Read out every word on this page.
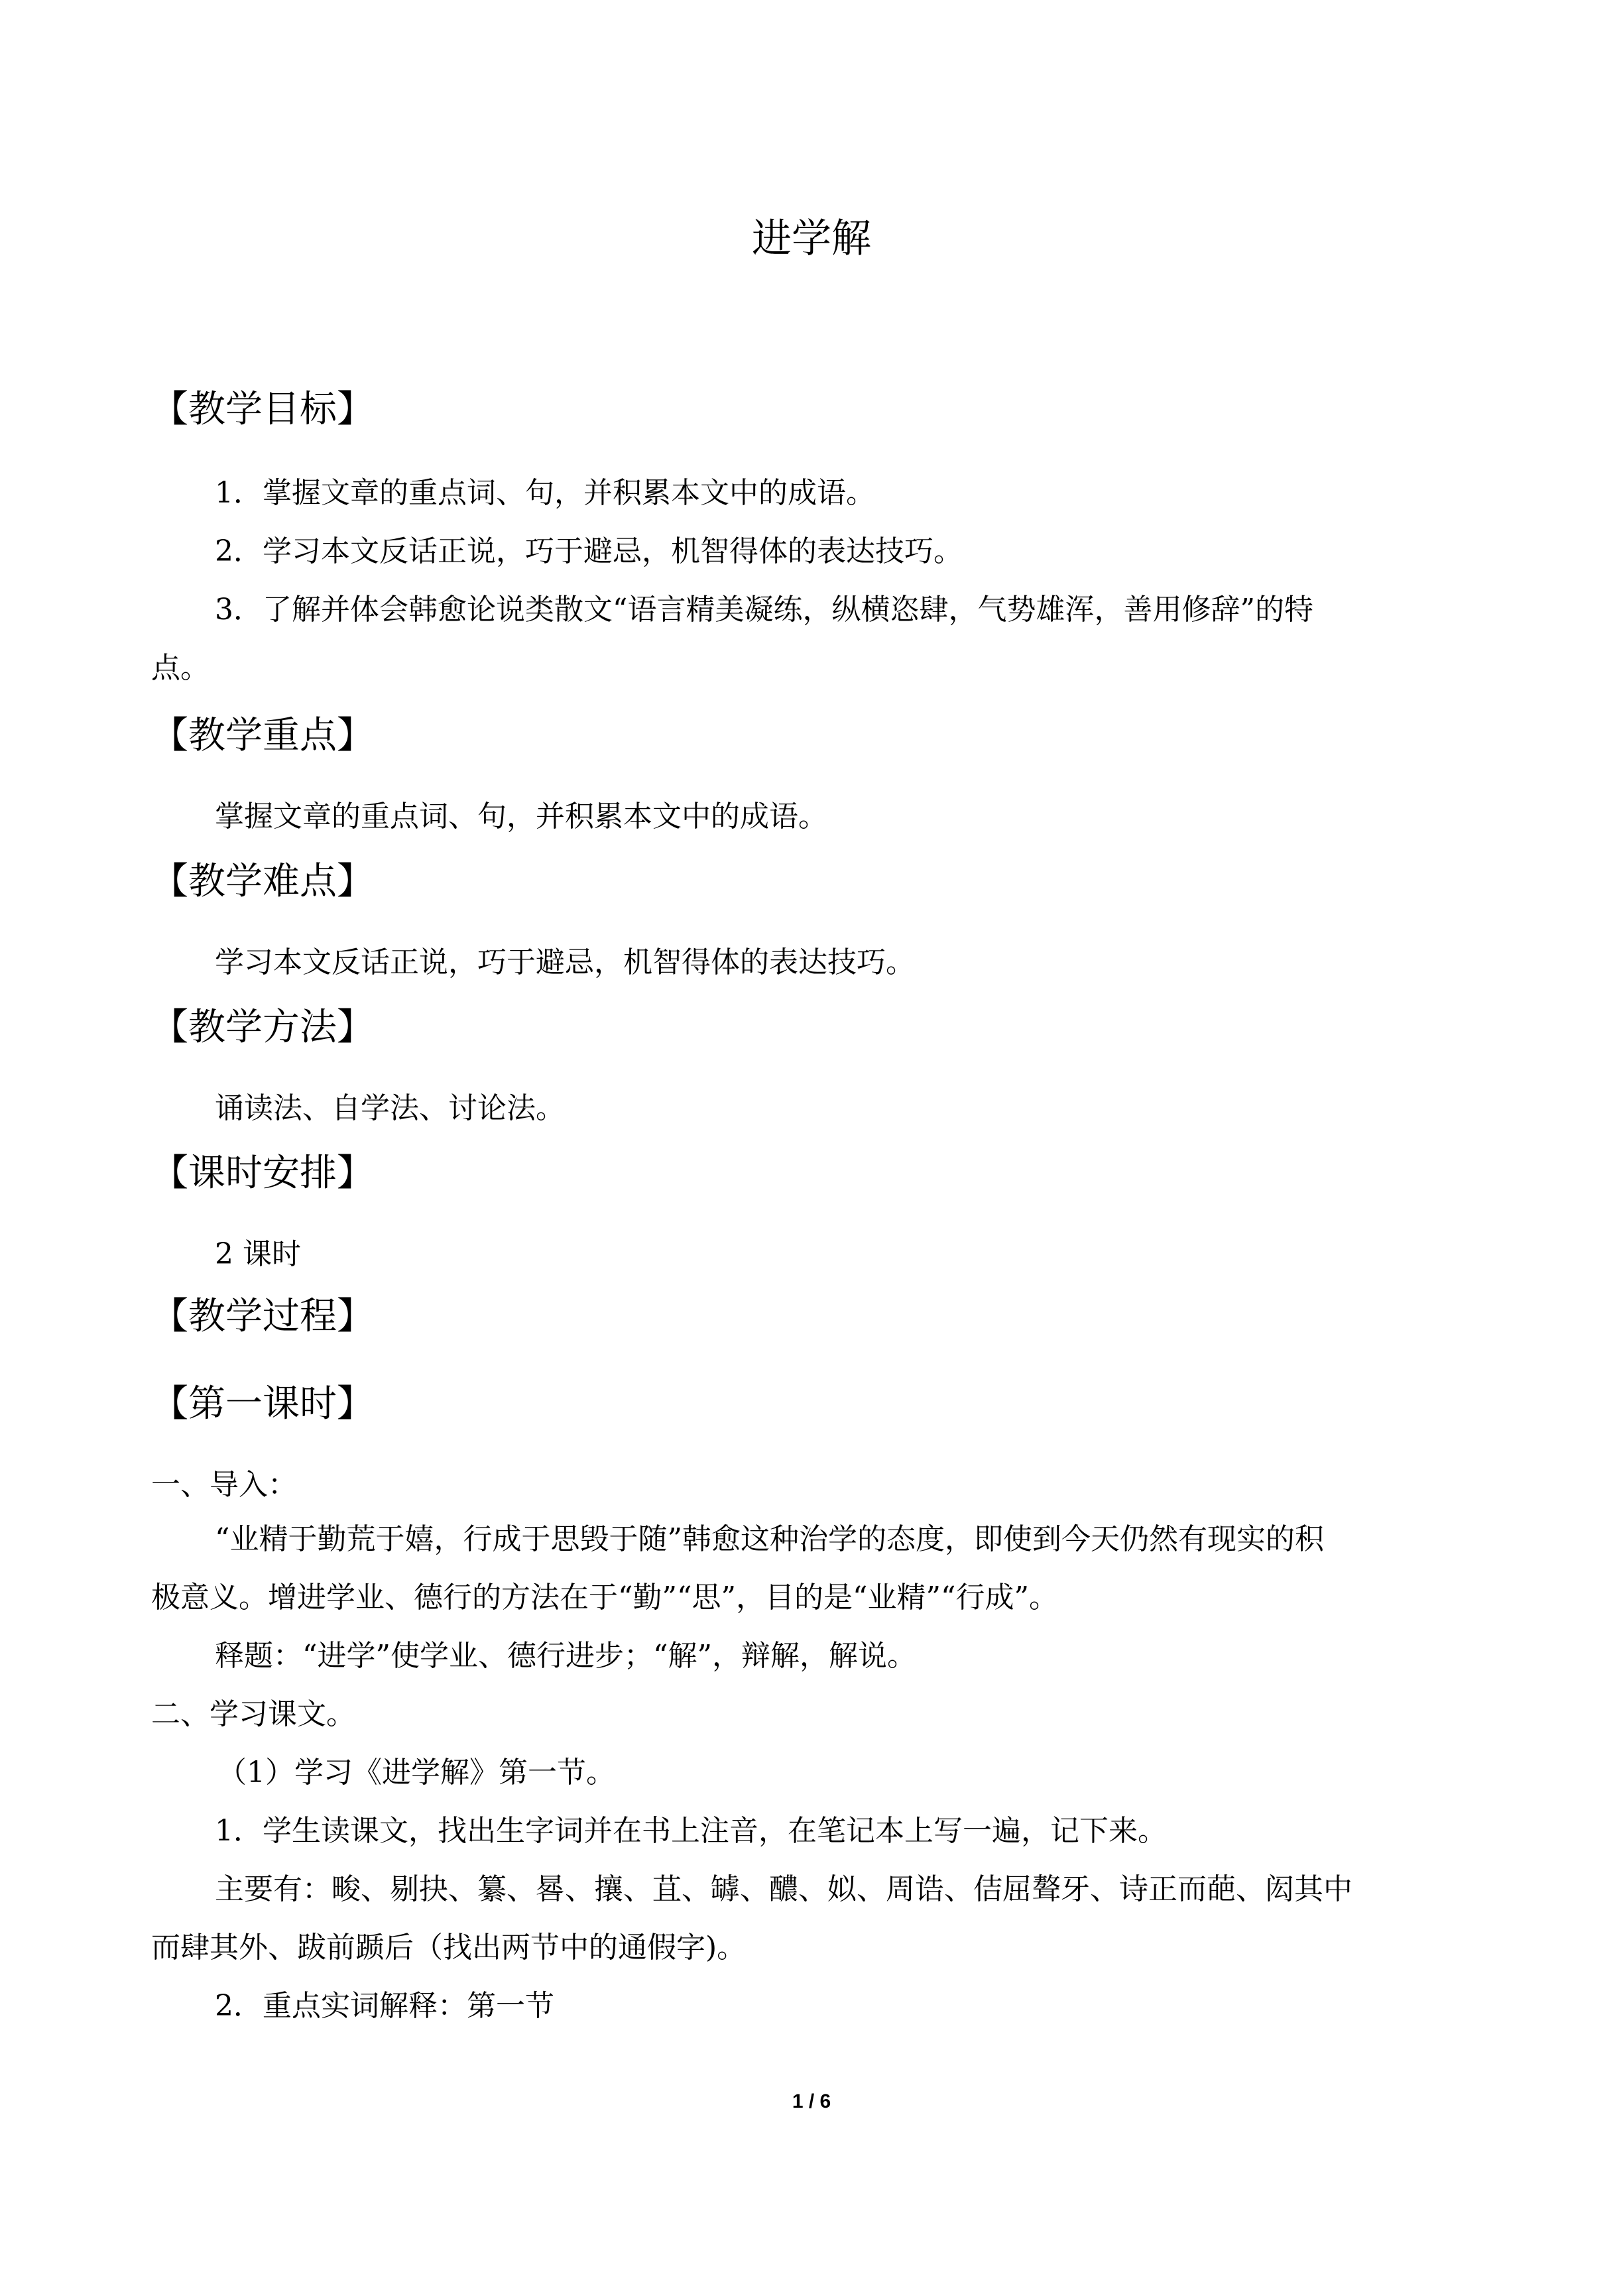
进学解
【教学目标】
1．掌握文章的重点词、句，并积累本文中的成语。
2．学习本文反话正说，巧于避忌，机智得体的表达技巧。
3．了解并体会韩愈论说类散文“语言精美凝练，纵横恣肆，气势雄浑，善用修辞”的特
点。
【教学重点】
掌握文章的重点词、句，并积累本文中的成语。
【教学难点】
学习本文反话正说，巧于避忌，机智得体的表达技巧。
【教学方法】
诵读法、自学法、讨论法。
【课时安排】
2 课时
【教学过程】
【第一课时】
一、导入：
“业精于勤荒于嬉，行成于思毁于随”韩愈这种治学的态度，即使到今天仍然有现实的积
极意义。增进学业、德行的方法在于“勤”“思”，目的是“业精”“行成”。
释题：“进学”使学业、德行进步；“解”，辩解，解说。
二、学习课文。
（1）学习《进学解》第一节。
1．学生读课文，找出生字词并在书上注音，在笔记本上写一遍，记下来。
主要有：畯、剔抉、纂、晷、攘、苴、罅、醲、姒、周诰、佶屈聱牙、诗正而葩、闳其中
而肆其外、跋前踬后（找出两节中的通假字)。
2．重点实词解释：第一节
1 / 6
